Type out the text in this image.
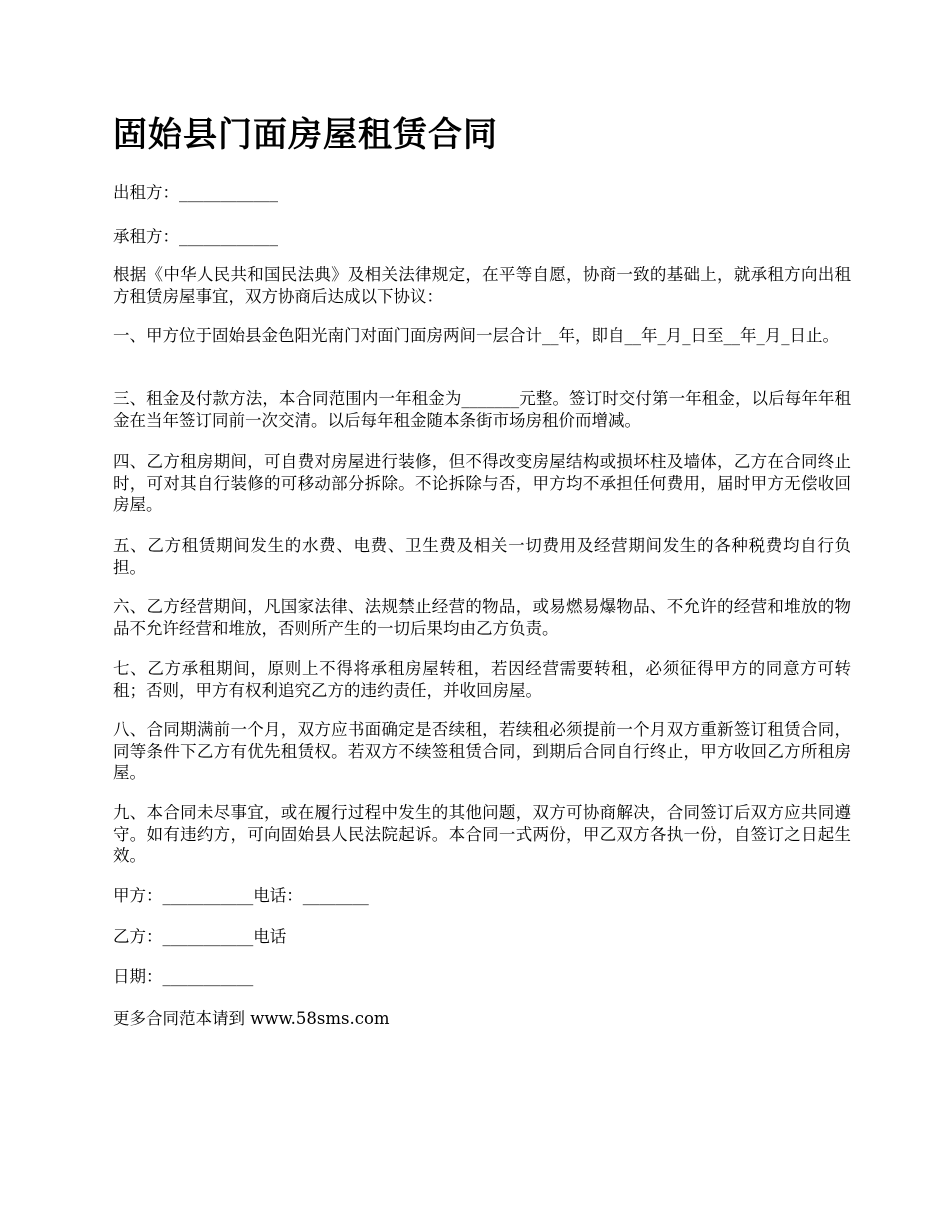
固始县门面房屋租赁合同

出租方：____________

承租方：____________

根据《中华人民共和国民法典》及相关法律规定，在平等自愿，协商一致的基础上，就承租方向出租方租赁房屋事宜，双方协商后达成以下协议：

一、甲方位于固始县金色阳光南门对面门面房两间一层合计__年，即自__年_月_日至__年_月_日止。

三、租金及付款方法，本合同范围内一年租金为_______元整。签订时交付第一年租金，以后每年年租金在当年签订同前一次交清。以后每年租金随本条街市场房租价而增减。

四、乙方租房期间，可自费对房屋进行装修，但不得改变房屋结构或损坏柱及墙体，乙方在合同终止时，可对其自行装修的可移动部分拆除。不论拆除与否，甲方均不承担任何费用，届时甲方无偿收回房屋。

五、乙方租赁期间发生的水费、电费、卫生费及相关一切费用及经营期间发生的各种税费均自行负担。

六、乙方经营期间，凡国家法律、法规禁止经营的物品，或易燃易爆物品、不允许的经营和堆放的物品不允许经营和堆放，否则所产生的一切后果均由乙方负责。

七、乙方承租期间，原则上不得将承租房屋转租，若因经营需要转租，必须征得甲方的同意方可转租；否则，甲方有权利追究乙方的违约责任，并收回房屋。

八、合同期满前一个月，双方应书面确定是否续租，若续租必须提前一个月双方重新签订租赁合同，同等条件下乙方有优先租赁权。若双方不续签租赁合同，到期后合同自行终止，甲方收回乙方所租房屋。

九、本合同未尽事宜，或在履行过程中发生的其他问题，双方可协商解决，合同签订后双方应共同遵守。如有违约方，可向固始县人民法院起诉。本合同一式两份，甲乙双方各执一份，自签订之日起生效。

甲方：___________电话：________

乙方：___________电话

日期：___________

更多合同范本请到 www.58sms.com
